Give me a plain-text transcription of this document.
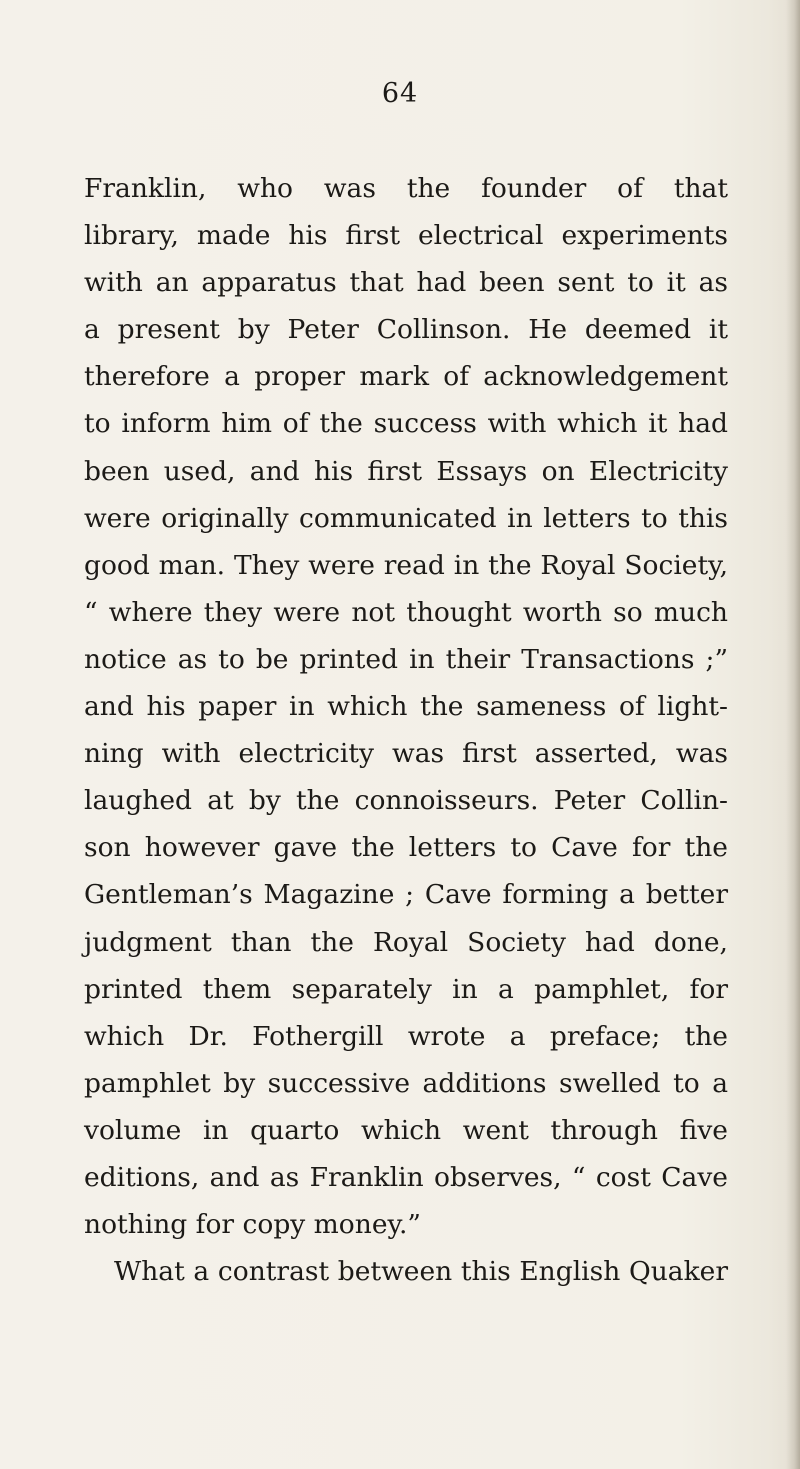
64
Franklin, who was the founder of that
library, made his first electrical experiments
with an apparatus that had been sent to it as
a present by Peter Collinson. He deemed it
therefore a proper mark of acknowledgement
to inform him of the success with which it had
been used, and his first Essays on Electricity
were originally communicated in letters to this
good man. They were read in the Royal Society,
“ where they were not thought worth so much
notice as to be printed in their Transactions ;”
and his paper in which the sameness of light-
ning with electricity was first asserted, was
laughed at by the connoisseurs. Peter Collin-
son however gave the letters to Cave for the
Gentleman’s Magazine ; Cave forming a better
judgment than the Royal Society had done,
printed them separately in a pamphlet, for
which Dr. Fothergill wrote a preface; the
pamphlet by successive additions swelled to a
volume in quarto which went through five
editions, and as Franklin observes, “ cost Cave
nothing for copy money.”
What a contrast between this English Quaker
